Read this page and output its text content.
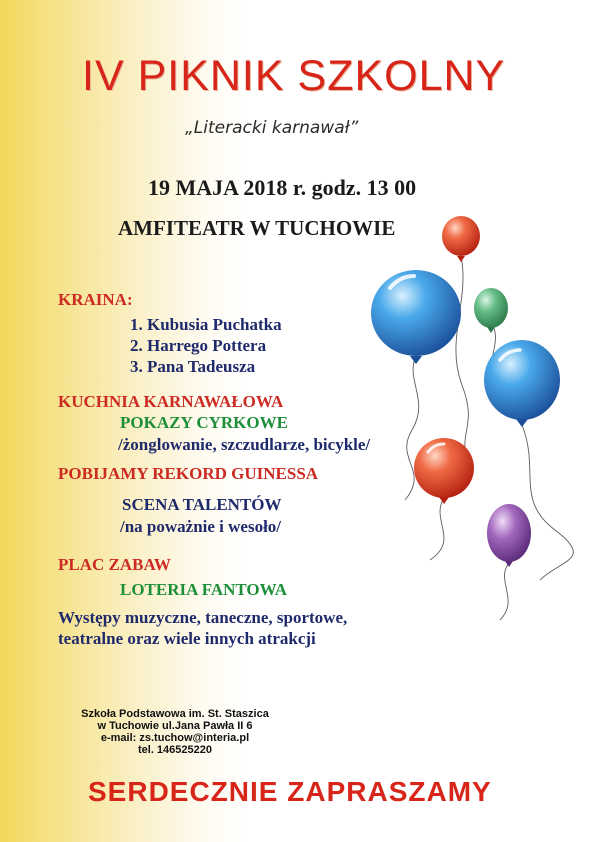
IV PIKNIK SZKOLNY
„Literacki karnawał”
19 MAJA 2018 r. godz. 13 00
AMFITEATR W TUCHOWIE
KRAINA:
1. Kubusia Puchatka
2. Harrego Pottera
3. Pana Tadeusza
KUCHNIA KARNAWAŁOWA
POKAZY CYRKOWE
/żonglowanie, szczudlarze, bicykle/
POBIJAMY REKORD GUINESSA
SCENA TALENTÓW
/na poważnie i wesoło/
PLAC ZABAW
LOTERIA FANTOWA
Występy muzyczne, taneczne, sportowe,
teatralne oraz wiele innych atrakcji
Szkoła Podstawowa im. St. Staszica
w Tuchowie ul.Jana Pawła II 6
e-mail: zs.tuchow@interia.pl
tel. 146525220
SERDECZNIE ZAPRASZAMY
